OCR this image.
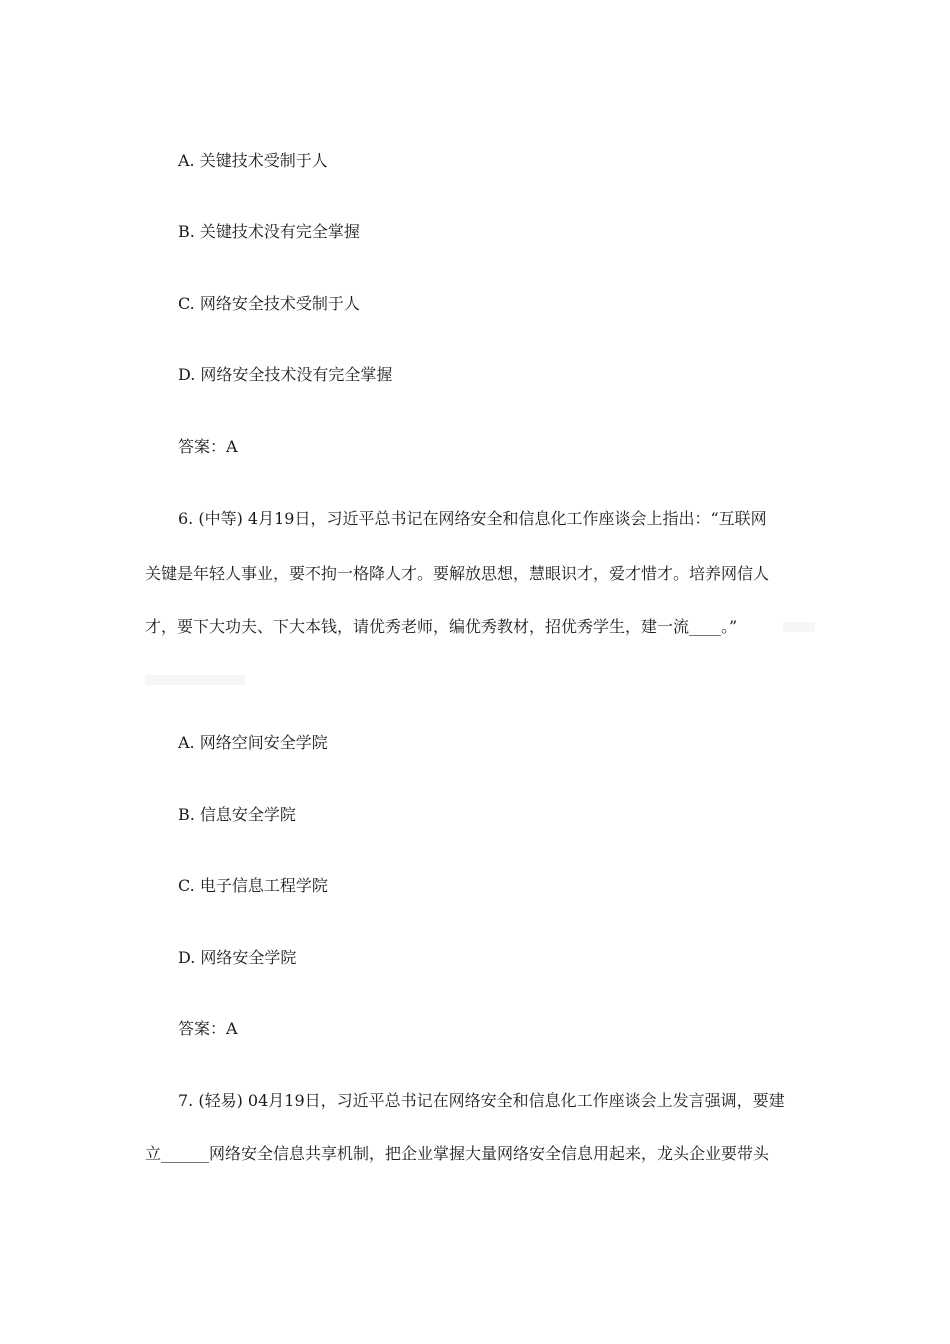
A. 关键技术受制于人
B. 关键技术没有完全掌握
C. 网络安全技术受制于人
D. 网络安全技术没有完全掌握
答案：A
6. (中等) 4月19日，习近平总书记在网络安全和信息化工作座谈会上指出：“互联网
关键是年轻人事业，要不拘一格降人才。要解放思想，慧眼识才，爱才惜才。培养网信人
才，要下大功夫、下大本钱，请优秀老师，编优秀教材，招优秀学生，建一流____。”
A. 网络空间安全学院
B. 信息安全学院
C. 电子信息工程学院
D. 网络安全学院
答案：A
7. (轻易) 04月19日，习近平总书记在网络安全和信息化工作座谈会上发言强调，要建
立______网络安全信息共享机制，把企业掌握大量网络安全信息用起来，龙头企业要带头
